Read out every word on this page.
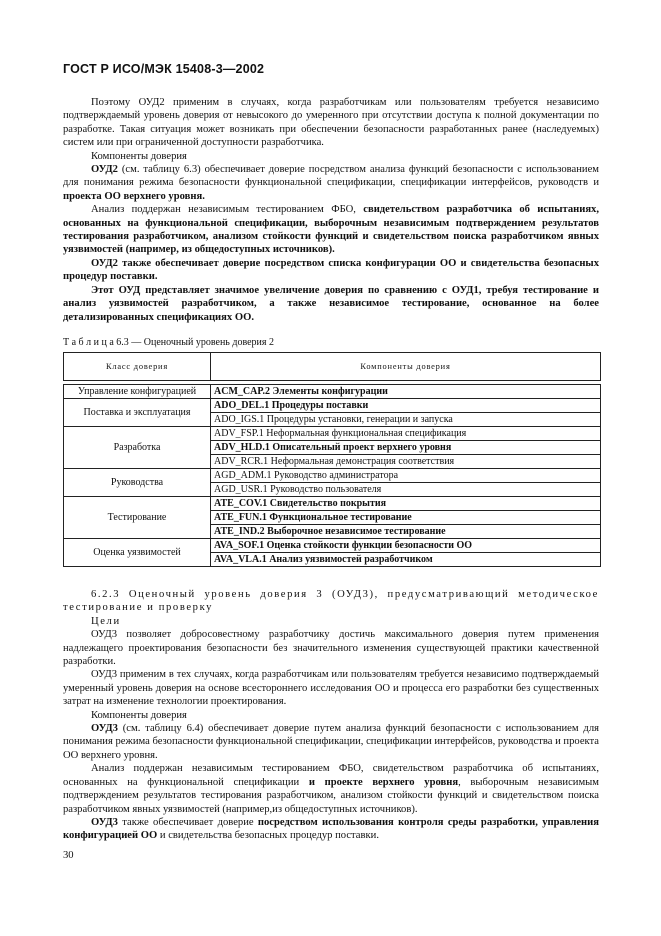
ГОСТ Р ИСО/МЭК 15408-3—2002

Поэтому ОУД2 применим в случаях, когда разработчикам или пользователям требуется независимо подтверждаемый уровень доверия от невысокого до умеренного при отсутствии доступа к полной документации по разработке. Такая ситуация может возникать при обеспечении безопасности разработанных ранее (наследуемых) систем или при ограниченной доступности разработчика.

Компоненты доверия

ОУД2 (см. таблицу 6.3) обеспечивает доверие посредством анализа функций безопасности с использованием для понимания режима безопасности функциональной спецификации, спецификации интерфейсов, руководств и проекта ОО верхнего уровня.

Анализ поддержан независимым тестированием ФБО, свидетельством разработчика об испытаниях, основанных на функциональной спецификации, выборочным независимым подтверждением результатов тестирования разработчиком, анализом стойкости функций и свидетельством поиска разработчиком явных уязвимостей (например, из общедоступных источников).

ОУД2 также обеспечивает доверие посредством списка конфигурации ОО и свидетельства безопасных процедур поставки.

Этот ОУД представляет значимое увеличение доверия по сравнению с ОУД1, требуя тестирование и анализ уязвимостей разработчиком, а также независимое тестирование, основанное на более детализированных спецификациях ОО.

Т а б л и ц а 6.3 — Оценочный уровень доверия 2
Класс доверия	Компоненты доверия

Управление конфигурацией	ACM_CAP.2 Элементы конфигурации
Поставка и эксплуатация	ADO_DEL.1 Процедуры поставки
	ADO_IGS.1 Процедуры установки, генерации и запуска
Разработка	ADV_FSP.1 Неформальная функциональная спецификация
	ADV_HLD.1 Описательный проект верхнего уровня
	ADV_RCR.1 Неформальная демонстрация соответствия
Руководства	AGD_ADM.1 Руководство администратора
	AGD_USR.1 Руководство пользователя
Тестирование	ATE_COV.1 Свидетельство покрытия
	ATE_FUN.1 Функциональное тестирование
	ATE_IND.2 Выборочное независимое тестирование
Оценка уязвимостей	AVA_SOF.1 Оценка стойкости функции безопасности ОО
	AVA_VLA.1 Анализ уязвимостей разработчиком

6.2.3 Оценочный уровень доверия 3 (ОУД3), предусматривающий методическое тестирование и проверку

Цели

ОУД3 позволяет добросовестному разработчику достичь максимального доверия путем применения надлежащего проектирования безопасности без значительного изменения существующей практики качественной разработки.

ОУД3 применим в тех случаях, когда разработчикам или пользователям требуется независимо подтверждаемый умеренный уровень доверия на основе всестороннего исследования ОО и процесса его разработки без существенных затрат на изменение технологии проектирования.

Компоненты доверия

ОУД3 (см. таблицу 6.4) обеспечивает доверие путем анализа функций безопасности с использованием для понимания режима безопасности функциональной спецификации, спецификации интерфейсов, руководства и проекта ОО верхнего уровня.

Анализ поддержан независимым тестированием ФБО, свидетельством разработчика об испытаниях, основанных на функциональной спецификации и проекте верхнего уровня, выборочным независимым подтверждением результатов тестирования разработчиком, анализом стойкости функций и свидетельством поиска разработчиком явных уязвимостей (например,из общедоступных источников).

ОУД3 также обеспечивает доверие посредством использования контроля среды разработки, управления конфигурацией ОО и свидетельства безопасных процедур поставки.

30
